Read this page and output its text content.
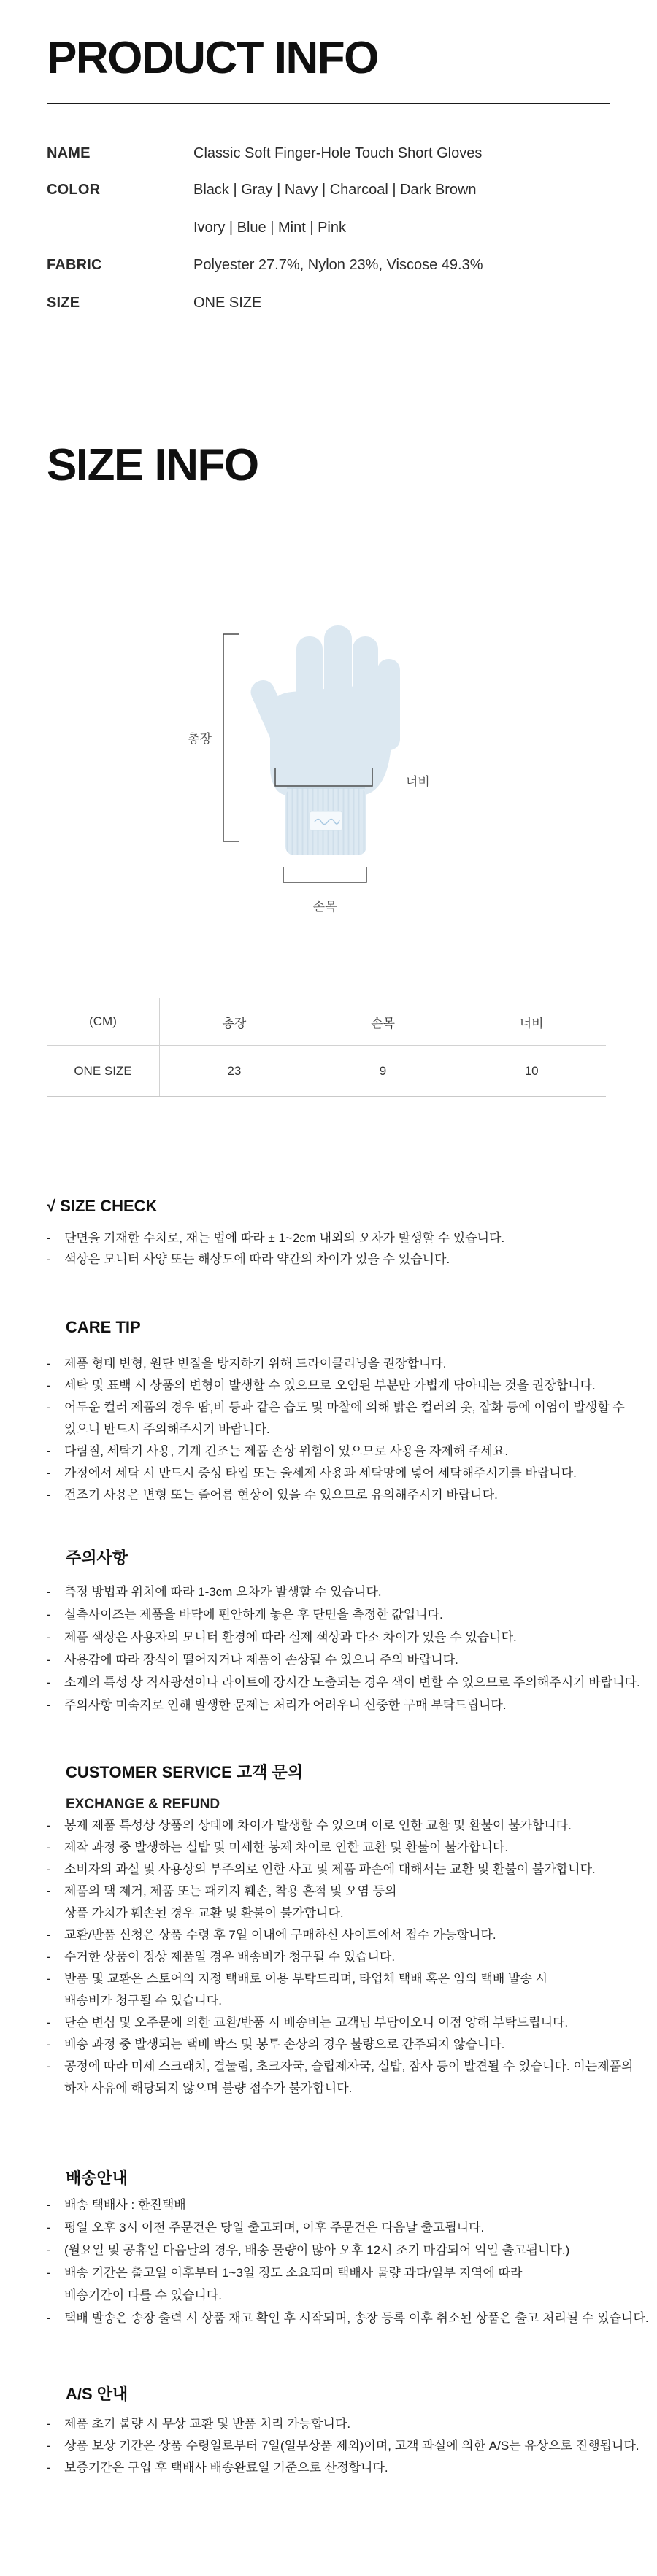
PRODUCT INFO
NAME	Classic Soft Finger-Hole Touch Short Gloves
COLOR	Black | Gray | Navy | Charcoal | Dark Brown
Ivory | Blue | Mint | Pink
FABRIC	Polyester 27.7%, Nylon 23%, Viscose 49.3%
SIZE	ONE SIZE
SIZE INFO
총장
너비
손목
(CM)	총장	손목	너비
ONE SIZE	23	9	10
√ SIZE CHECK
- 단면을 기재한 수치로, 재는 법에 따라 ± 1~2cm 내외의 오차가 발생할 수 있습니다.
- 색상은 모니터 사양 또는 해상도에 따라 약간의 차이가 있을 수 있습니다.
CARE TIP
- 제품 형태 변형, 원단 변질을 방지하기 위해 드라이클리닝을 권장합니다.
- 세탁 및 표백 시 상품의 변형이 발생할 수 있으므로 오염된 부분만 가볍게 닦아내는 것을 권장합니다.
- 어두운 컬러 제품의 경우 땀,비 등과 같은 습도 및 마찰에 의해 밝은 컬러의 옷, 잡화 등에 이염이 발생할 수
있으니 반드시 주의해주시기 바랍니다.
- 다림질, 세탁기 사용, 기계 건조는 제품 손상 위험이 있으므로 사용을 자제해 주세요.
- 가정에서 세탁 시 반드시 중성 타입 또는 울세제 사용과 세탁망에 넣어 세탁해주시기를 바랍니다.
- 건조기 사용은 변형 또는 줄어름 현상이 있을 수 있으므로 유의해주시기 바랍니다.
주의사항
- 측정 방법과 위치에 따라 1-3cm 오차가 발생할 수 있습니다.
- 실측사이즈는 제품을 바닥에 편안하게 놓은 후 단면을 측정한 값입니다.
- 제품 색상은 사용자의 모니터 환경에 따라 실제 색상과 다소 차이가 있을 수 있습니다.
- 사용감에 따라 장식이 떨어지거나 제품이 손상될 수 있으니 주의 바랍니다.
- 소재의 특성 상 직사광선이나 라이트에 장시간 노출되는 경우 색이 변할 수 있으므로 주의해주시기 바랍니다.
- 주의사항 미숙지로 인해 발생한 문제는 처리가 어려우니 신중한 구매 부탁드립니다.
CUSTOMER SERVICE 고객 문의
EXCHANGE & REFUND
- 봉제 제품 특성상 상품의 상태에 차이가 발생할 수 있으며 이로 인한 교환 및 환불이 불가합니다.
- 제작 과정 중 발생하는 실밥 및 미세한 봉제 차이로 인한 교환 및 환불이 불가합니다.
- 소비자의 과실 및 사용상의 부주의로 인한 사고 및 제품 파손에 대해서는 교환 및 환불이 불가합니다.
- 제품의 택 제거, 제품 또는 패키지 훼손, 착용 흔적 및 오염 등의
상품 가치가 훼손된 경우 교환 및 환불이 불가합니다.
- 교환/반품 신청은 상품 수령 후 7일 이내에 구매하신 사이트에서 접수 가능합니다.
- 수거한 상품이 정상 제품일 경우 배송비가 청구될 수 있습니다.
- 반품 및 교환은 스토어의 지정 택배로 이용 부탁드리며, 타업체 택배 혹은 임의 택배 발송 시
배송비가 청구될 수 있습니다.
- 단순 변심 및 오주문에 의한 교환/반품 시 배송비는 고객님 부담이오니 이점 양해 부탁드립니다.
- 배송 과정 중 발생되는 택배 박스 및 봉투 손상의 경우 불량으로 간주되지 않습니다.
- 공정에 따라 미세 스크래치, 결눌림, 초크자국, 슬립제자국, 실밥, 잠사 등이 발견될 수 있습니다. 이는제품의
하자 사유에 해당되지 않으며 불량 접수가 불가합니다.
배송안내
- 배송 택배사 : 한진택배
- 평일 오후 3시 이전 주문건은 당일 출고되며, 이후 주문건은 다음날 출고됩니다.
- (월요일 및 공휴일 다음날의 경우, 배송 물량이 많아 오후 12시 조기 마감되어 익일 출고됩니다.)
- 배송 기간은 출고일 이후부터 1~3일 정도 소요되며 택배사 물량 과다/일부 지역에 따라
배송기간이 다를 수 있습니다.
- 택배 발송은 송장 출력 시 상품 재고 확인 후 시작되며, 송장 등록 이후 취소된 상품은 출고 처리될 수 있습니다.
A/S 안내
- 제품 초기 불량 시 무상 교환 및 반품 처리 가능합니다.
- 상품 보상 기간은 상품 수령일로부터 7일(일부상품 제외)이며, 고객 과실에 의한 A/S는 유상으로 진행됩니다.
- 보증기간은 구입 후 택배사 배송완료일 기준으로 산정합니다.
